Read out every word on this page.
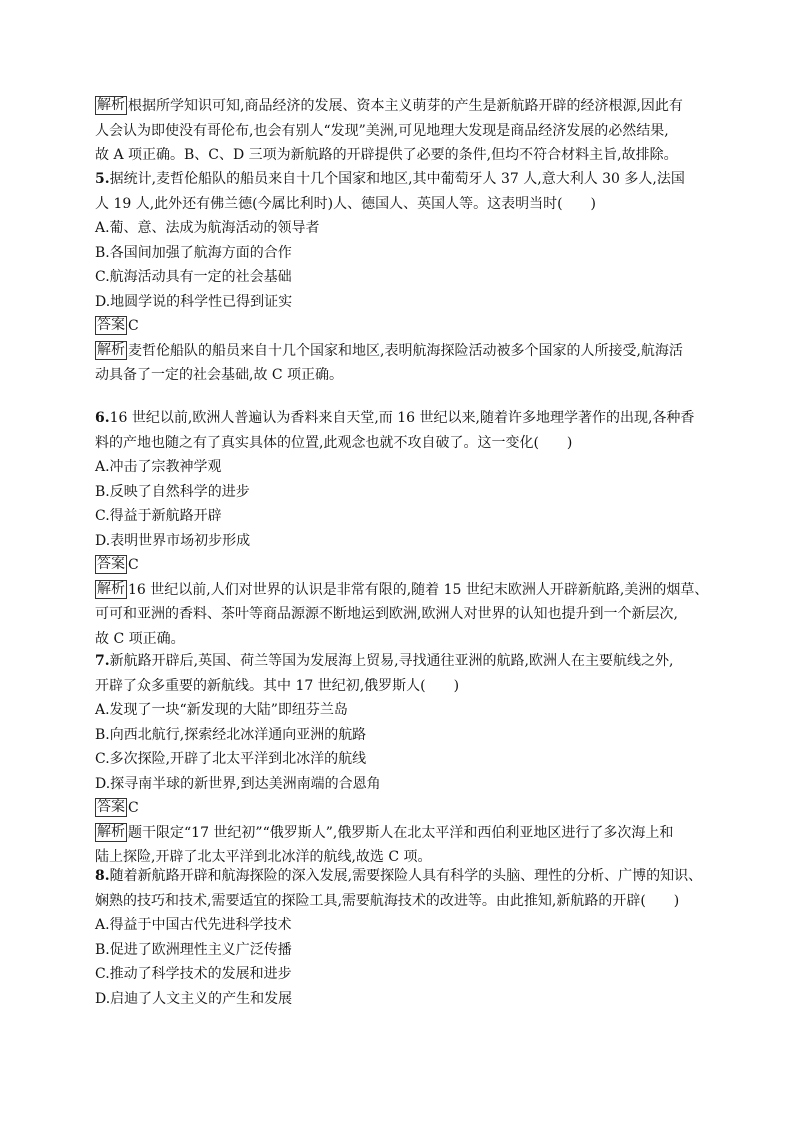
解析 根据所学知识可知,商品经济的发展、资本主义萌芽的产生是新航路开辟的经济根源,因此有
人会认为即使没有哥伦布,也会有别人“发现”美洲,可见地理大发现是商品经济发展的必然结果,
故 A 项正确。B、C、D 三项为新航路的开辟提供了必要的条件,但均不符合材料主旨,故排除。
5.据统计,麦哲伦船队的船员来自十几个国家和地区,其中葡萄牙人 37 人,意大利人 30 多人,法国
人 19 人,此外还有佛兰德(今属比利时)人、德国人、英国人等。这表明当时(　　)
A.葡、意、法成为航海活动的领导者
B.各国间加强了航海方面的合作
C.航海活动具有一定的社会基础
D.地圆学说的科学性已得到证实
答案 C
解析 麦哲伦船队的船员来自十几个国家和地区,表明航海探险活动被多个国家的人所接受,航海活
动具备了一定的社会基础,故 C 项正确。
6.16 世纪以前,欧洲人普遍认为香料来自天堂,而 16 世纪以来,随着许多地理学著作的出现,各种香
料的产地也随之有了真实具体的位置,此观念也就不攻自破了。这一变化(　　)
A.冲击了宗教神学观
B.反映了自然科学的进步
C.得益于新航路开辟
D.表明世界市场初步形成
答案 C
解析 16 世纪以前,人们对世界的认识是非常有限的,随着 15 世纪末欧洲人开辟新航路,美洲的烟草、
可可和亚洲的香料、茶叶等商品源源不断地运到欧洲,欧洲人对世界的认知也提升到一个新层次,
故 C 项正确。
7.新航路开辟后,英国、荷兰等国为发展海上贸易,寻找通往亚洲的航路,欧洲人在主要航线之外,
开辟了众多重要的新航线。其中 17 世纪初,俄罗斯人(　　)
A.发现了一块“新发现的大陆”即纽芬兰岛
B.向西北航行,探索经北冰洋通向亚洲的航路
C.多次探险,开辟了北太平洋到北冰洋的航线
D.探寻南半球的新世界,到达美洲南端的合恩角
答案 C
解析 题干限定“17 世纪初”“俄罗斯人”,俄罗斯人在北太平洋和西伯利亚地区进行了多次海上和
陆上探险,开辟了北太平洋到北冰洋的航线,故选 C 项。
8.随着新航路开辟和航海探险的深入发展,需要探险人具有科学的头脑、理性的分析、广博的知识、
娴熟的技巧和技术,需要适宜的探险工具,需要航海技术的改进等。由此推知,新航路的开辟(　　)
A.得益于中国古代先进科学技术
B.促进了欧洲理性主义广泛传播
C.推动了科学技术的发展和进步
D.启迪了人文主义的产生和发展
